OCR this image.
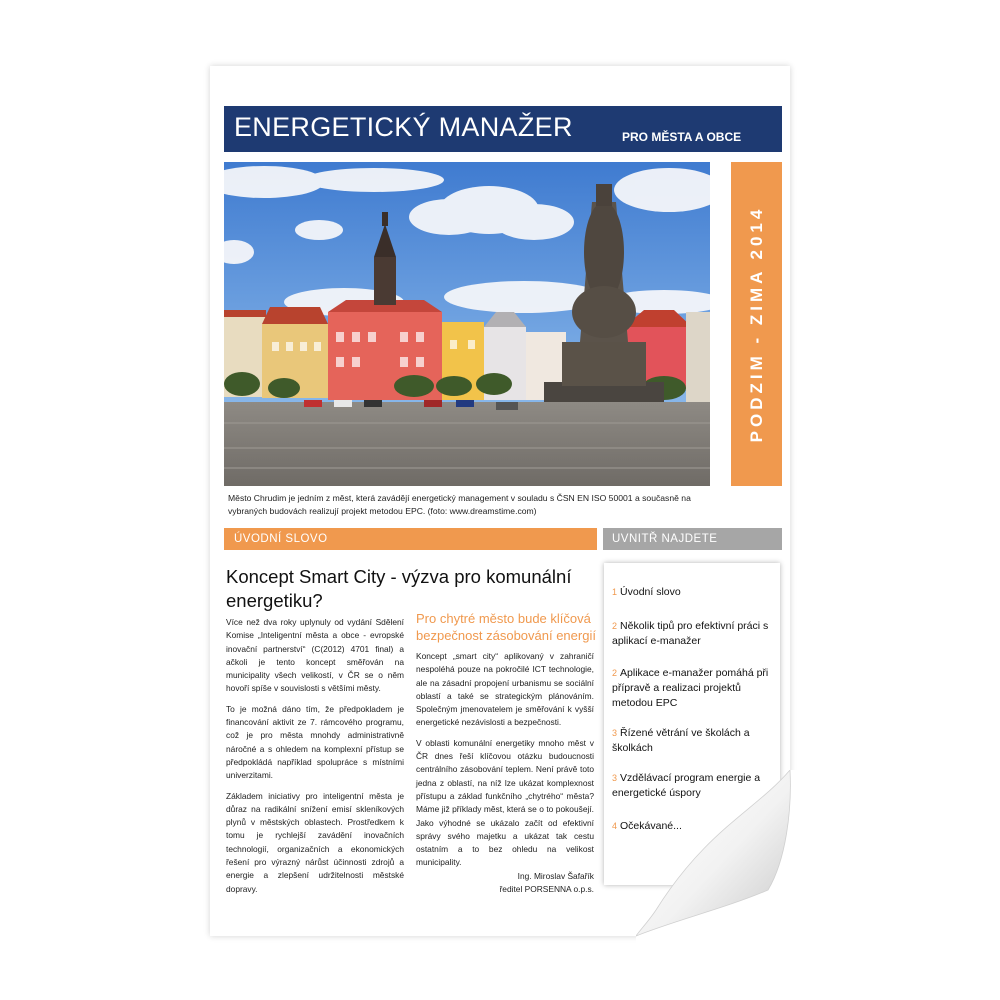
ENERGETICKÝ MANAŽER	PRO MĚSTA A OBCE
PODZIM - ZIMA 2014
Město Chrudim je jedním z měst, která zavádějí energetický management v souladu s ČSN EN ISO 50001 a současně na vybraných budovách realizují projekt metodou EPC. (foto: www.dreamstime.com)
ÚVODNÍ SLOVO	UVNITŘ NAJDETE
Koncept Smart City - výzva pro komunální energetiku?

Více než dva roky uplynuly od vydání Sdělení Komise „Inteligentní města a obce - evropské inovační partnerství“ (C(2012) 4701 final) a ačkoli je tento koncept směřován na municipality všech velikostí, v ČR se o něm hovoří spíše v souvislosti s většími městy.

To je možná dáno tím, že předpokladem je financování aktivit ze 7. rámcového programu, což je pro města mnohdy administrativně náročné a s ohledem na komplexní přístup se předpokládá například spolupráce s místními univerzitami.

Základem iniciativy pro inteligentní města je důraz na radikální snížení emisí skleníkových plynů v městských oblastech. Prostředkem k tomu je rychlejší zavádění inovačních technologií, organizačních a ekonomických řešení pro výrazný nárůst účinnosti zdrojů a energie a zlepšení udržitelnosti městské dopravy.

Pro chytré město bude klíčová bezpečnost zásobování energií

Koncept „smart city“ aplikovaný v zahraničí nespoléhá pouze na pokročilé ICT technologie, ale na zásadní propojení urbanismu se sociální oblastí a také se strategickým plánováním. Společným jmenovatelem je směřování k vyšší energetické nezávislosti a bezpečnosti.

V oblasti komunální energetiky mnoho měst v ČR dnes řeší klíčovou otázku budoucnosti centrálního zásobování teplem. Není právě toto jedna z oblastí, na níž lze ukázat komplexnost přístupu a základ funkčního „chytrého“ města? Máme již příklady měst, která se o to pokoušejí. Jako výhodné se ukázalo začít od efektivní správy svého majetku a ukázat tak cestu ostatním a to bez ohledu na velikost municipality.

Ing. Miroslav Šafařík
ředitel PORSENNA o.p.s.
1 Úvodní slovo
2 Několik tipů pro efektivní práci s aplikací e-manažer
2 Aplikace e-manažer pomáhá při přípravě a realizaci projektů metodou EPC
3 Řízené větrání ve školách a školkách
3 Vzdělávací program energie a energetické úspory
4 Očekávané...
